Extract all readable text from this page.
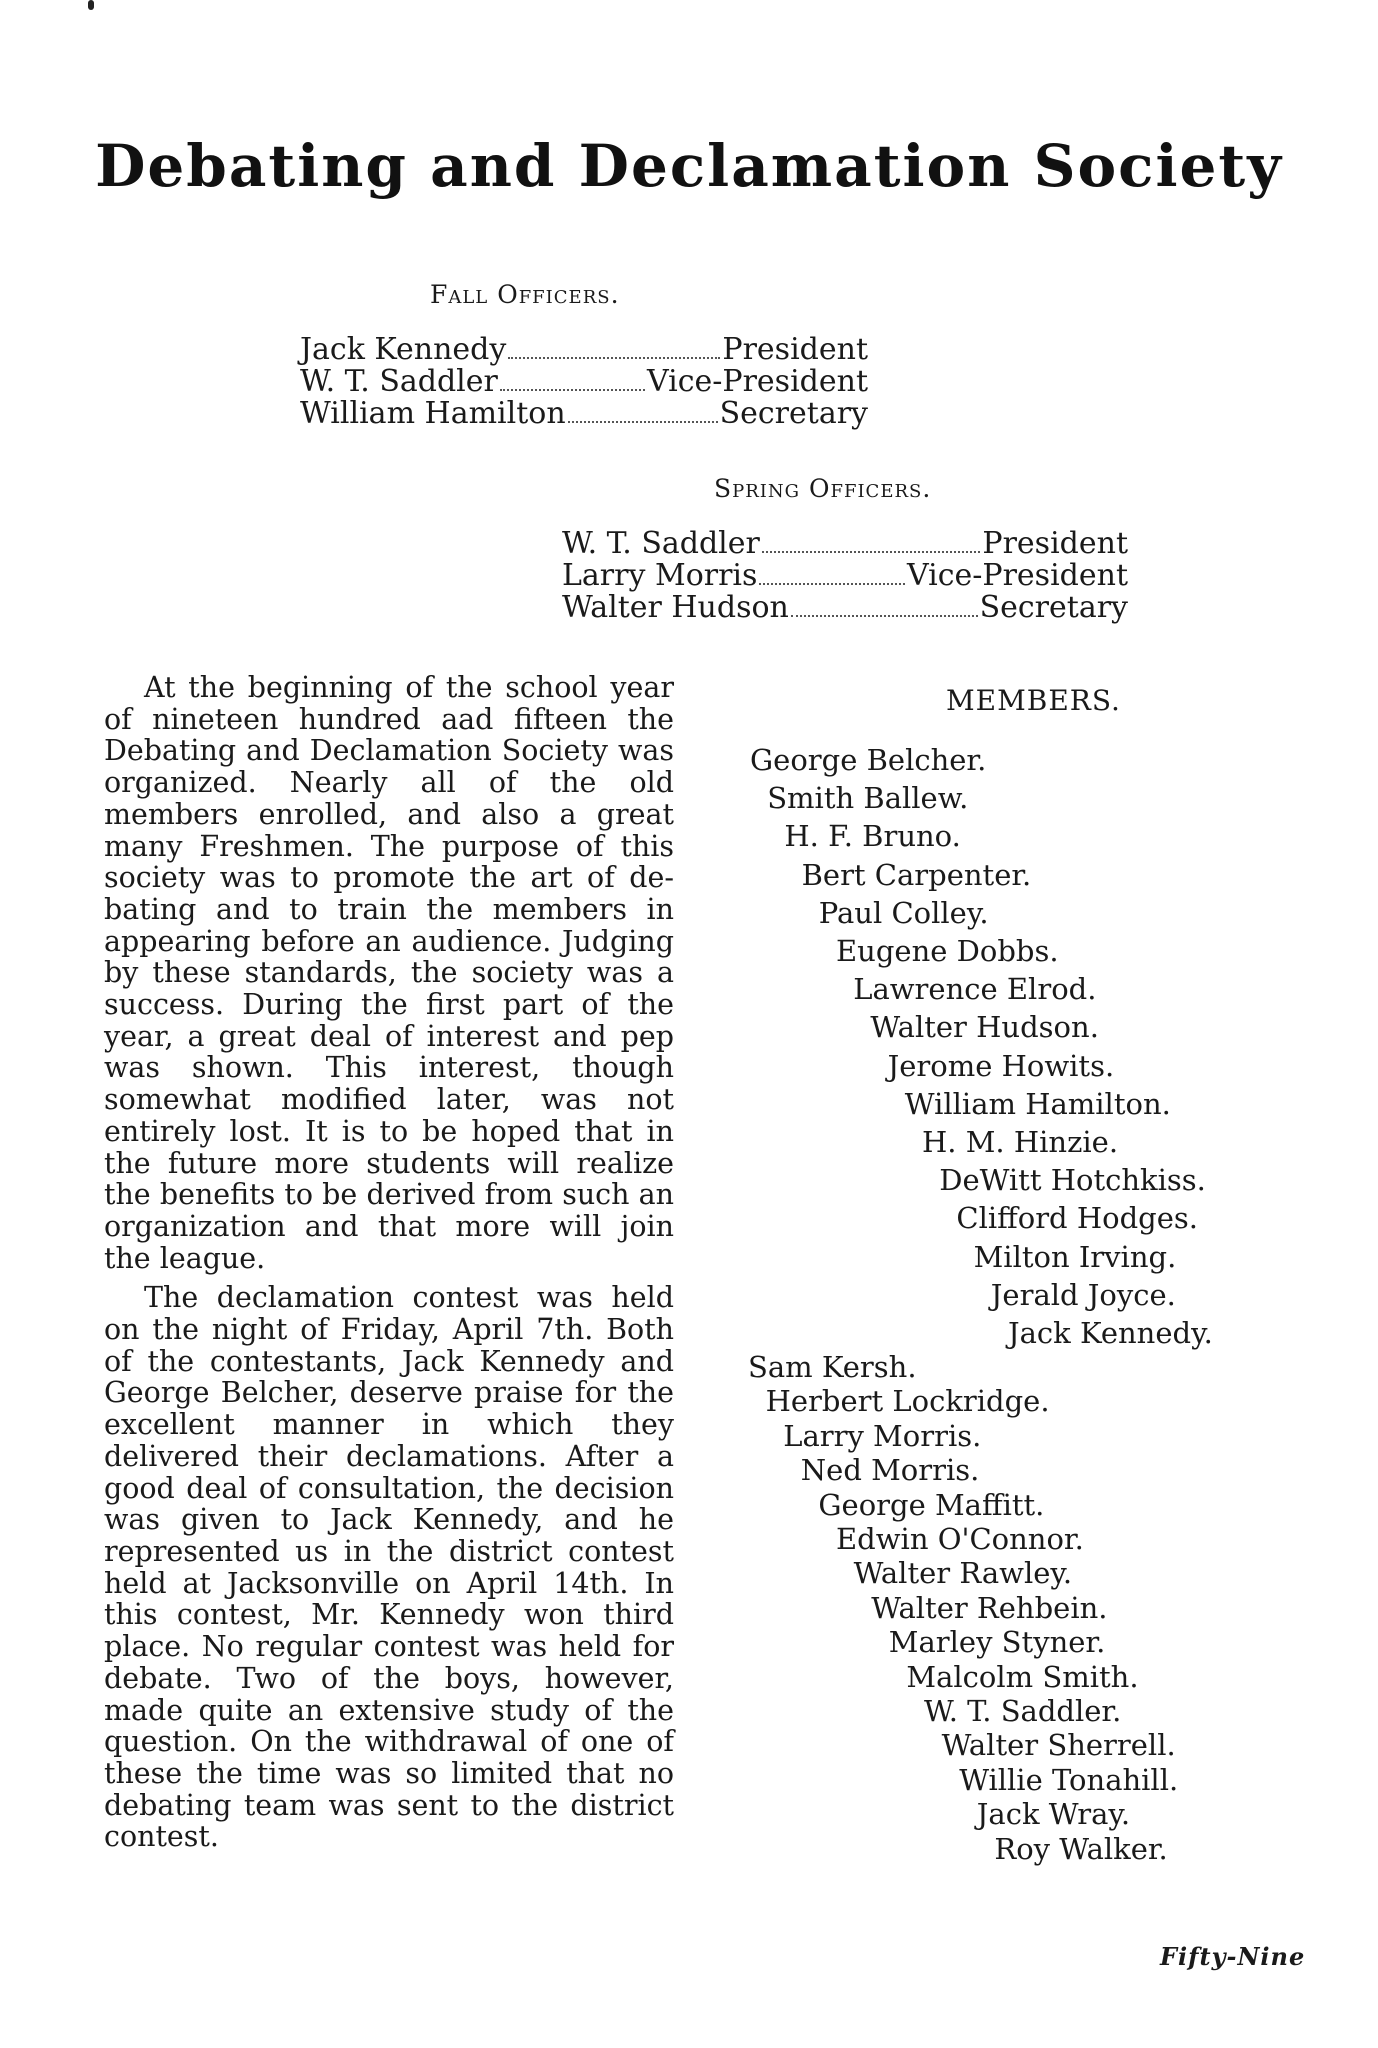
Debating and Declamation Society
Fall Officers.
Jack Kennedy	President
W. T. Saddler	Vice-President
William Hamilton	Secretary
Spring Officers.
W. T. Saddler	President
Larry Morris	Vice-President
Walter Hudson	Secretary

At the beginning of the school year of nineteen hundred aad fifteen the Debating and Declamation Society was organized. Nearly all of the old members enrolled, and also a great many Freshmen. The purpose of this society was to promote the art of debating and to train the members in appearing before an audience. Judging by these standards, the society was a success. During the first part of the year, a great deal of interest and pep was shown. This interest, though somewhat modified later, was not entirely lost. It is to be hoped that in the future more students will realize the benefits to be derived from such an organization and that more will join the league.

The declamation contest was held on the night of Friday, April 7th. Both of the contestants, Jack Kennedy and George Belcher, deserve praise for the excellent manner in which they delivered their declamations. After a good deal of consultation, the decision was given to Jack Kennedy, and he represented us in the district contest held at Jacksonville on April 14th. In this contest, Mr. Kennedy won third place. No regular contest was held for debate. Two of the boys, however, made quite an extensive study of the question. On the withdrawal of one of these the time was so limited that no debating team was sent to the district contest.

MEMBERS.
George Belcher.
Smith Ballew.
H. F. Bruno.
Bert Carpenter.
Paul Colley.
Eugene Dobbs.
Lawrence Elrod.
Walter Hudson.
Jerome Howits.
William Hamilton.
H. M. Hinzie.
DeWitt Hotchkiss.
Clifford Hodges.
Milton Irving.
Jerald Joyce.
Jack Kennedy.
Sam Kersh.
Herbert Lockridge.
Larry Morris.
Ned Morris.
George Maffitt.
Edwin O'Connor.
Walter Rawley.
Walter Rehbein.
Marley Styner.
Malcolm Smith.
W. T. Saddler.
Walter Sherrell.
Willie Tonahill.
Jack Wray.
Roy Walker.
Fifty-Nine
